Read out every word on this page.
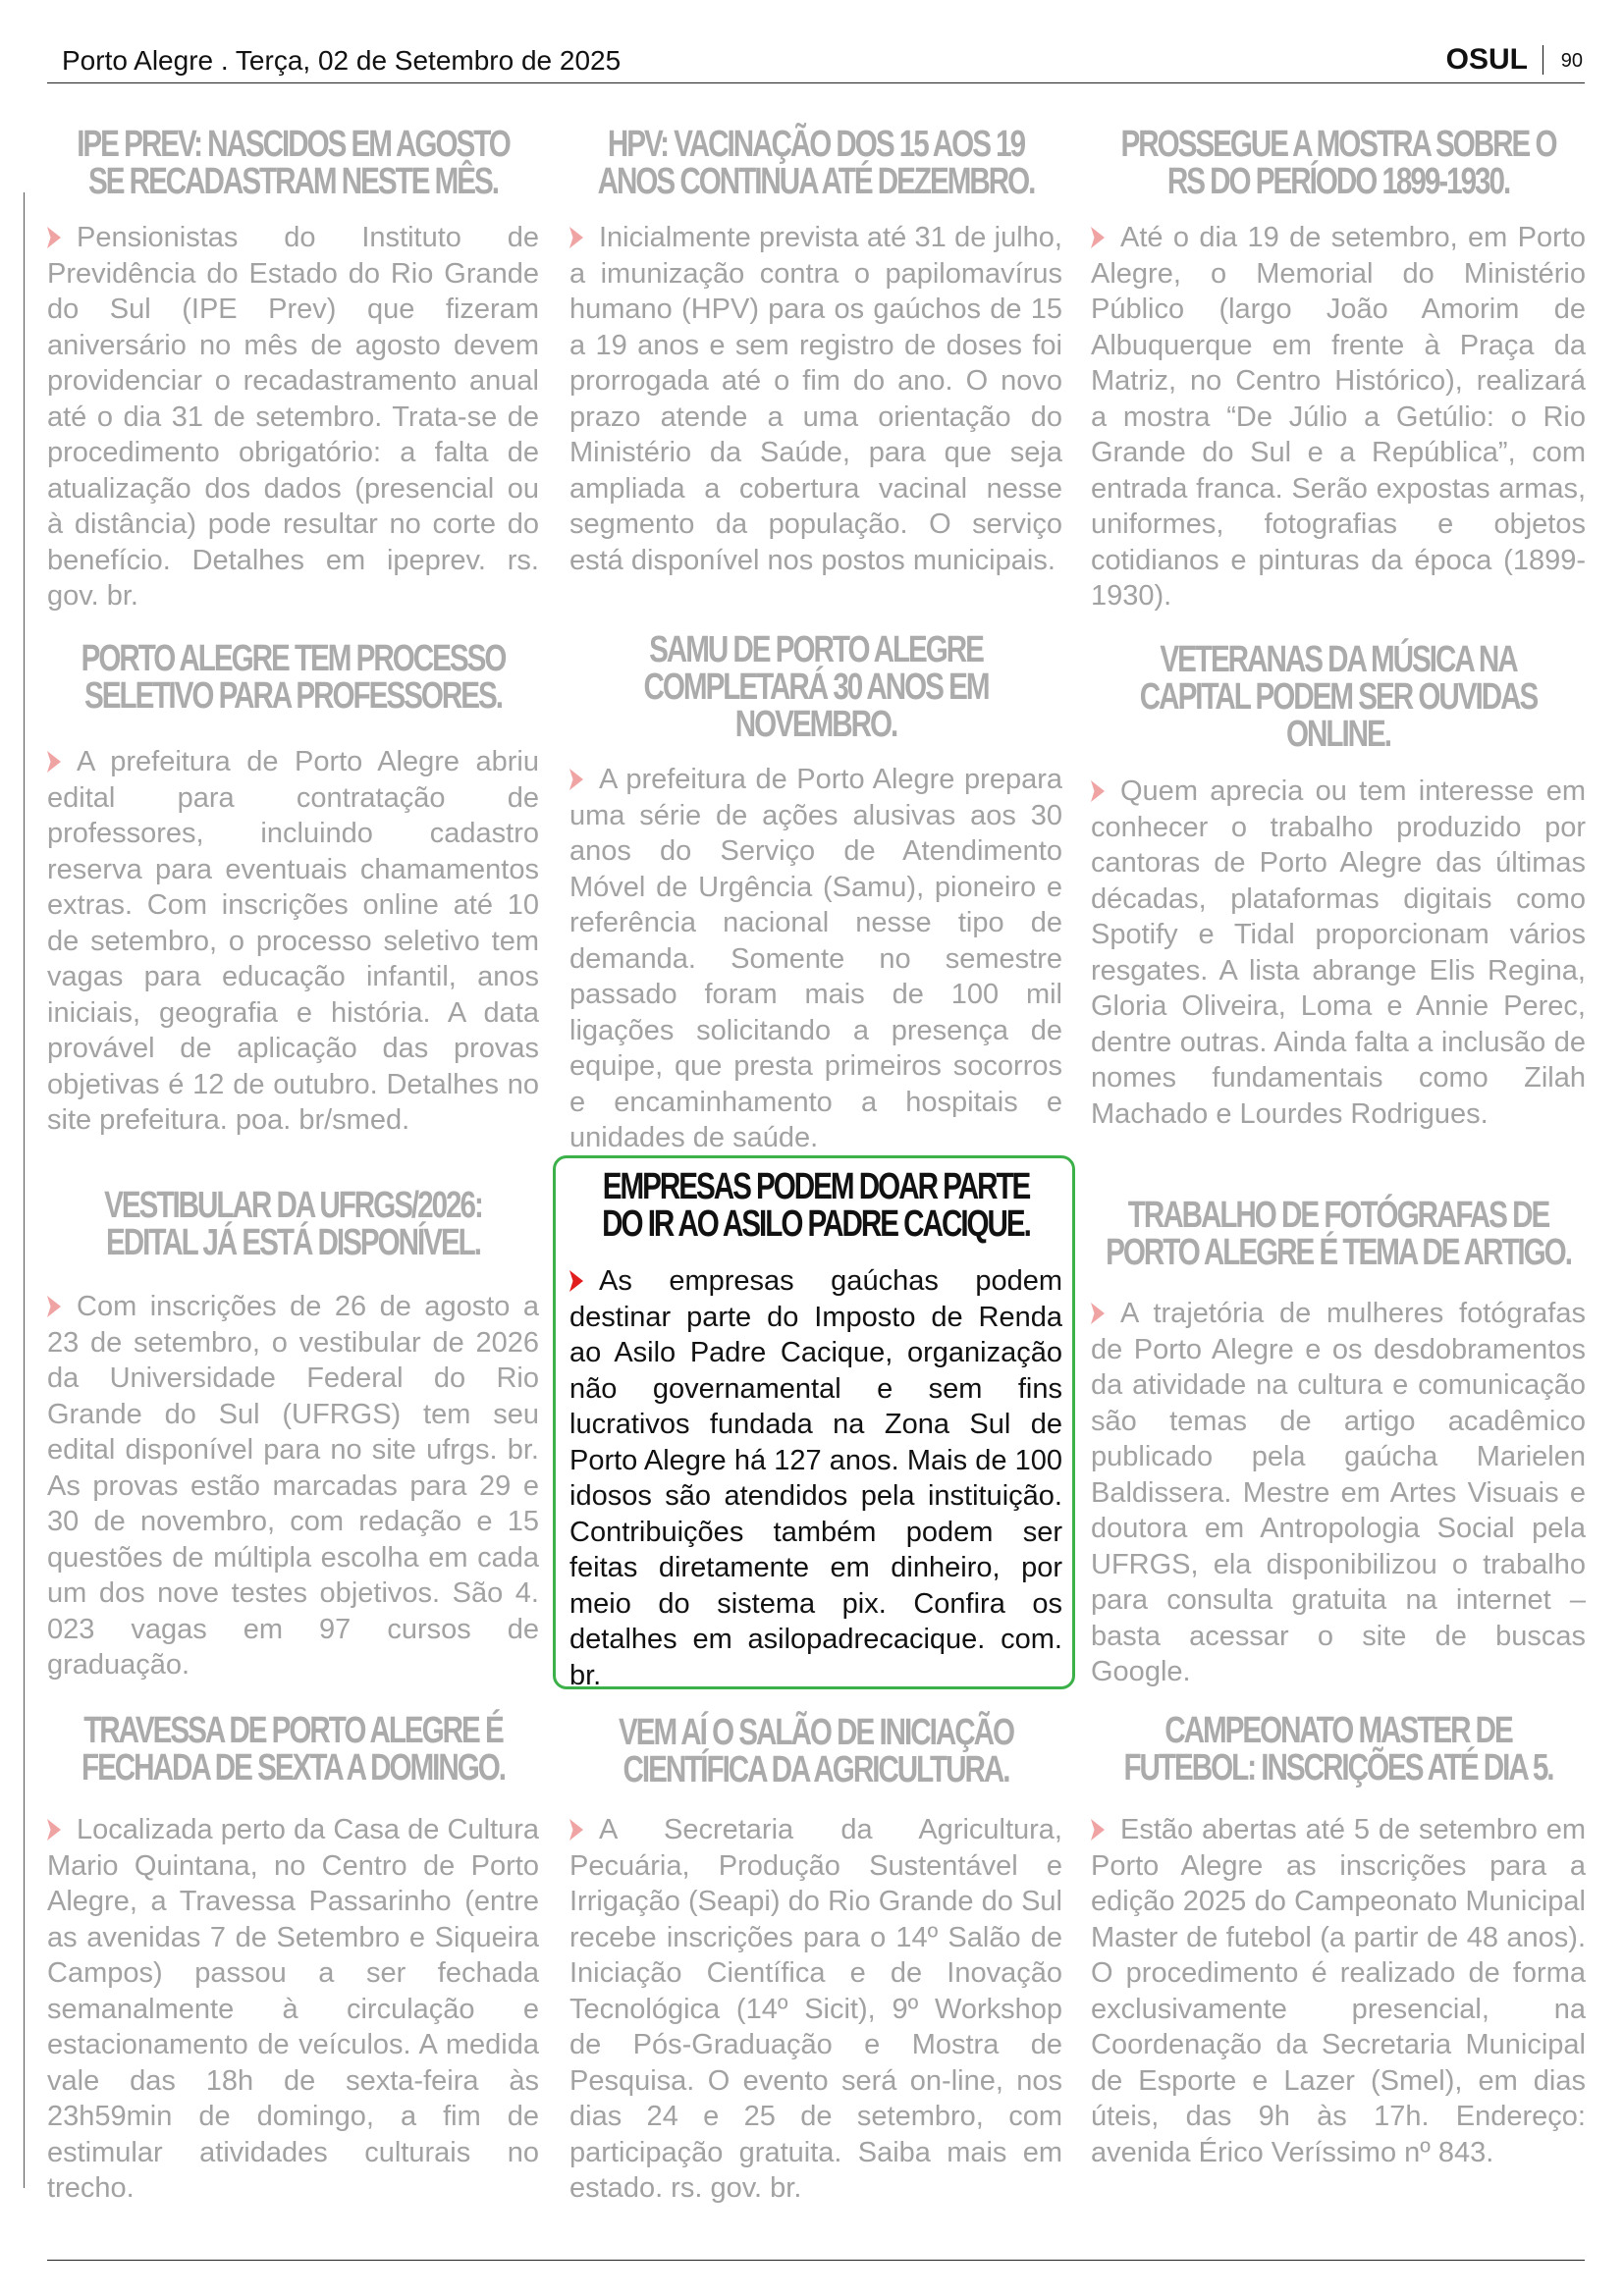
Porto Alegre . Terça, 02 de Setembro de 2025	OSUL 90
IPE PREV: NASCIDOS EM AGOSTO
SE RECADASTRAM NESTE MÊS.
Pensionistas do Instituto de Previdência do Estado do Rio Grande do Sul (IPE Prev) que fizeram aniversário no mês de agosto devem providenciar o recadastramento anual até o dia 31 de setembro. Trata-se de procedimento obrigatório: a falta de atualização dos dados (presencial ou à distância) pode resultar no corte do benefício. Detalhes em ipeprev. rs. gov. br.
HPV: VACINAÇÃO DOS 15 AOS 19
ANOS CONTINUA ATÉ DEZEMBRO.
Inicialmente prevista até 31 de julho, a imunização contra o papilomavírus humano (HPV) para os gaúchos de 15 a 19 anos e sem registro de doses foi prorrogada até o fim do ano. O novo prazo atende a uma orientação do Ministério da Saúde, para que seja ampliada a cobertura vacinal nesse segmento da população. O serviço está disponível nos postos municipais.
PROSSEGUE A MOSTRA SOBRE O
RS DO PERÍODO 1899-1930.
Até o dia 19 de setembro, em Porto Alegre, o Memorial do Ministério Público (largo João Amorim de Albuquerque em frente à Praça da Matriz, no Centro Histórico), realizará a mostra “De Júlio a Getúlio: o Rio Grande do Sul e a República”, com entrada franca. Serão expostas armas, uniformes, fotografias e objetos cotidianos e pinturas da época (1899-1930).
PORTO ALEGRE TEM PROCESSO
SELETIVO PARA PROFESSORES.
A prefeitura de Porto Alegre abriu edital para contratação de professores, incluindo cadastro reserva para eventuais chamamentos extras. Com inscrições online até 10 de setembro, o processo seletivo tem vagas para educação infantil, anos iniciais, geografia e história. A data provável de aplicação das provas objetivas é 12 de outubro. Detalhes no site prefeitura. poa. br/smed.
SAMU DE PORTO ALEGRE
COMPLETARÁ 30 ANOS EM
NOVEMBRO.
A prefeitura de Porto Alegre prepara uma série de ações alusivas aos 30 anos do Serviço de Atendimento Móvel de Urgência (Samu), pioneiro e referência nacional nesse tipo de demanda. Somente no semestre passado foram mais de 100 mil ligações solicitando a presença de equipe, que presta primeiros socorros e encaminhamento a hospitais e unidades de saúde.
VETERANAS DA MÚSICA NA
CAPITAL PODEM SER OUVIDAS
ONLINE.
Quem aprecia ou tem interesse em conhecer o trabalho produzido por cantoras de Porto Alegre das últimas décadas, plataformas digitais como Spotify e Tidal proporcionam vários resgates. A lista abrange Elis Regina, Gloria Oliveira, Loma e Annie Perec, dentre outras. Ainda falta a inclusão de nomes fundamentais como Zilah Machado e Lourdes Rodrigues.
VESTIBULAR DA UFRGS/2026:
EDITAL JÁ ESTÁ DISPONÍVEL.
Com inscrições de 26 de agosto a 23 de setembro, o vestibular de 2026 da Universidade Federal do Rio Grande do Sul (UFRGS) tem seu edital disponível para no site ufrgs. br. As provas estão marcadas para 29 e 30 de novembro, com redação e 15 questões de múltipla escolha em cada um dos nove testes objetivos. São 4. 023 vagas em 97 cursos de graduação.
EMPRESAS PODEM DOAR PARTE
DO IR AO ASILO PADRE CACIQUE.
As empresas gaúchas podem destinar parte do Imposto de Renda ao Asilo Padre Cacique, organização não governamental e sem fins lucrativos fundada na Zona Sul de Porto Alegre há 127 anos. Mais de 100 idosos são atendidos pela instituição. Contribuições também podem ser feitas diretamente em dinheiro, por meio do sistema pix. Confira os detalhes em asilopadrecacique. com. br.
TRABALHO DE FOTÓGRAFAS DE
PORTO ALEGRE É TEMA DE ARTIGO.
A trajetória de mulheres fotógrafas de Porto Alegre e os desdobramentos da atividade na cultura e comunicação são temas de artigo acadêmico publicado pela gaúcha Marielen Baldissera. Mestre em Artes Visuais e doutora em Antropologia Social pela UFRGS, ela disponibilizou o trabalho para consulta gratuita na internet – basta acessar o site de buscas Google.
TRAVESSA DE PORTO ALEGRE É
FECHADA DE SEXTA A DOMINGO.
Localizada perto da Casa de Cultura Mario Quintana, no Centro de Porto Alegre, a Travessa Passarinho (entre as avenidas 7 de Setembro e Siqueira Campos) passou a ser fechada semanalmente à circulação e estacionamento de veículos. A medida vale das 18h de sexta-feira às 23h59min de domingo, a fim de estimular atividades culturais no trecho.
VEM AÍ O SALÃO DE INICIAÇÃO
CIENTÍFICA DA AGRICULTURA.
A Secretaria da Agricultura, Pecuária, Produção Sustentável e Irrigação (Seapi) do Rio Grande do Sul recebe inscrições para o 14º Salão de Iniciação Científica e de Inovação Tecnológica (14º Sicit), 9º Workshop de Pós-Graduação e Mostra de Pesquisa. O evento será on-line, nos dias 24 e 25 de setembro, com participação gratuita. Saiba mais em estado. rs. gov. br.
CAMPEONATO MASTER DE
FUTEBOL: INSCRIÇÕES ATÉ DIA 5.
Estão abertas até 5 de setembro em Porto Alegre as inscrições para a edição 2025 do Campeonato Municipal Master de futebol (a partir de 48 anos). O procedimento é realizado de forma exclusivamente presencial, na Coordenação da Secretaria Municipal de Esporte e Lazer (Smel), em dias úteis, das 9h às 17h. Endereço: avenida Érico Veríssimo nº 843.
